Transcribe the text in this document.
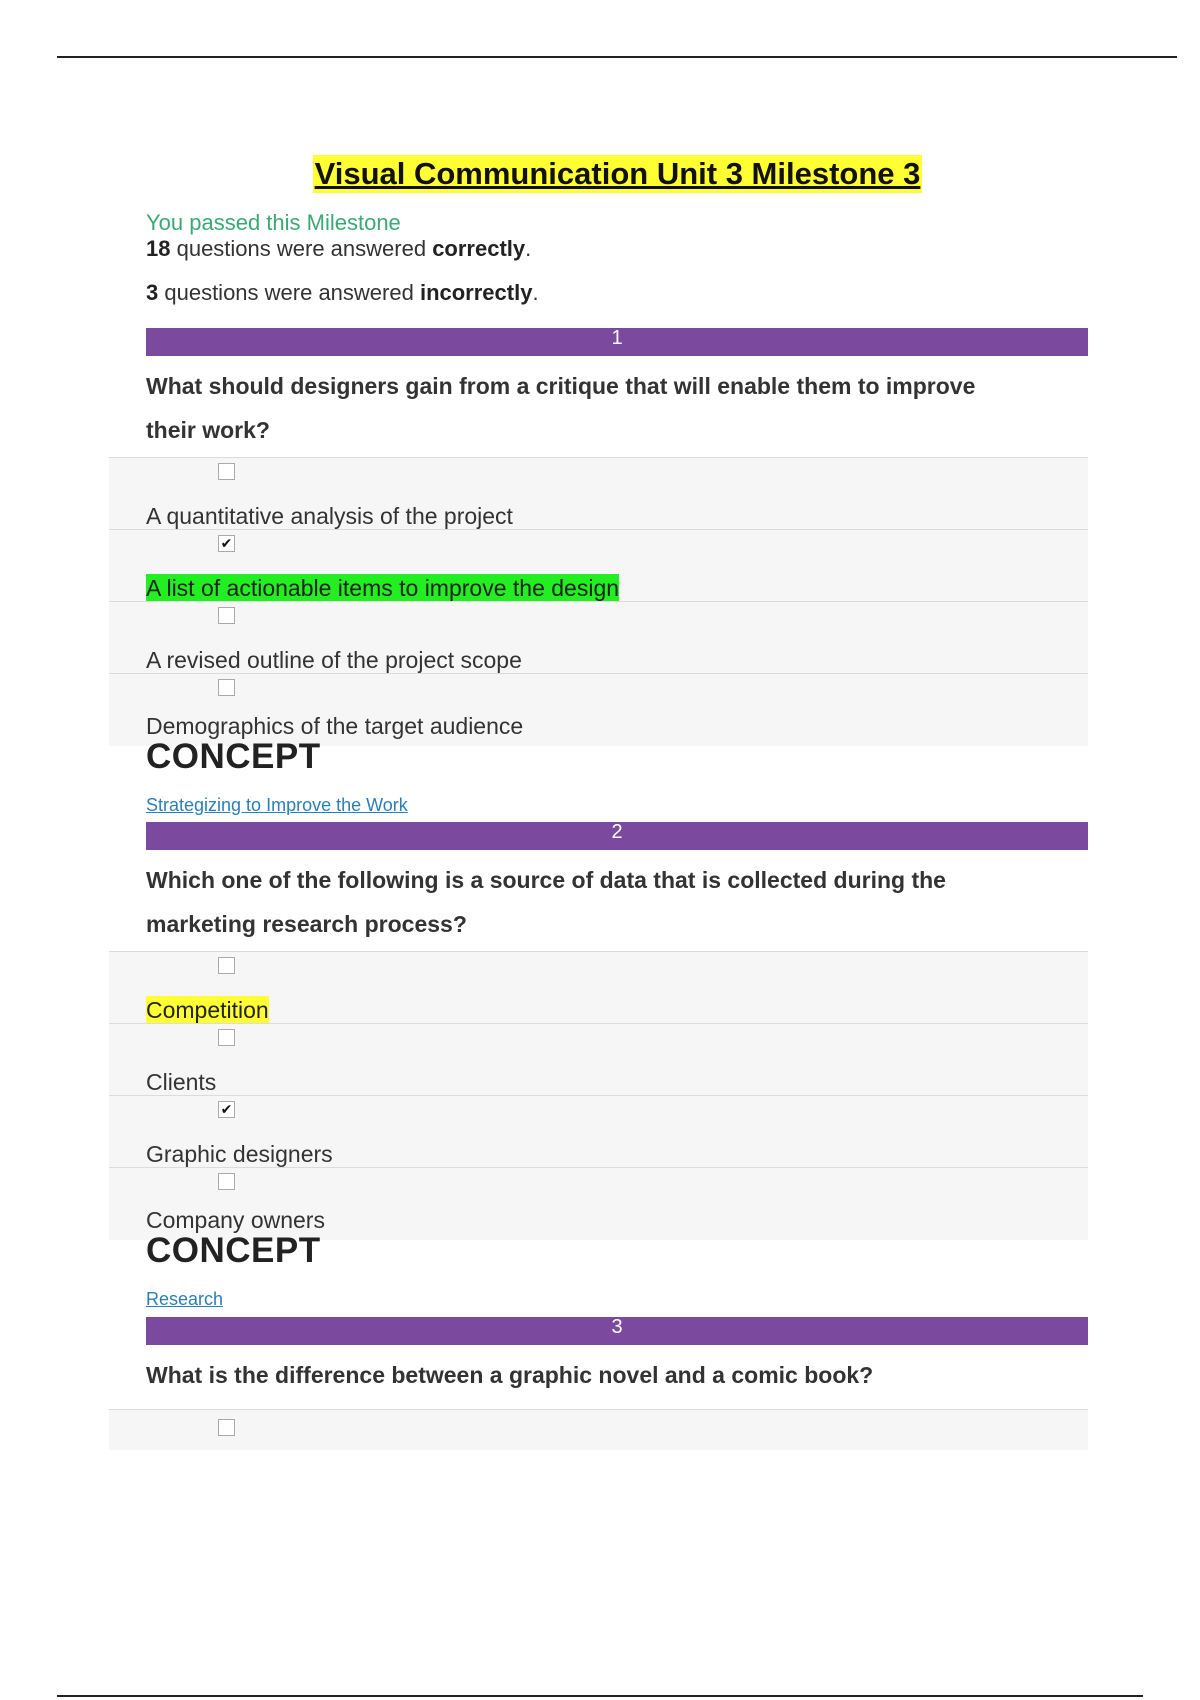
Visual Communication Unit 3 Milestone 3
You passed this Milestone
18 questions were answered correctly.
3 questions were answered incorrectly.
1
What should designers gain from a critique that will enable them to improve
their work?
A quantitative analysis of the project
✔
A list of actionable items to improve the design
A revised outline of the project scope
Demographics of the target audience
CONCEPT
Strategizing to Improve the Work
2
Which one of the following is a source of data that is collected during the
marketing research process?
Competition
Clients
✔
Graphic designers
Company owners
CONCEPT
Research
3
What is the difference between a graphic novel and a comic book?
